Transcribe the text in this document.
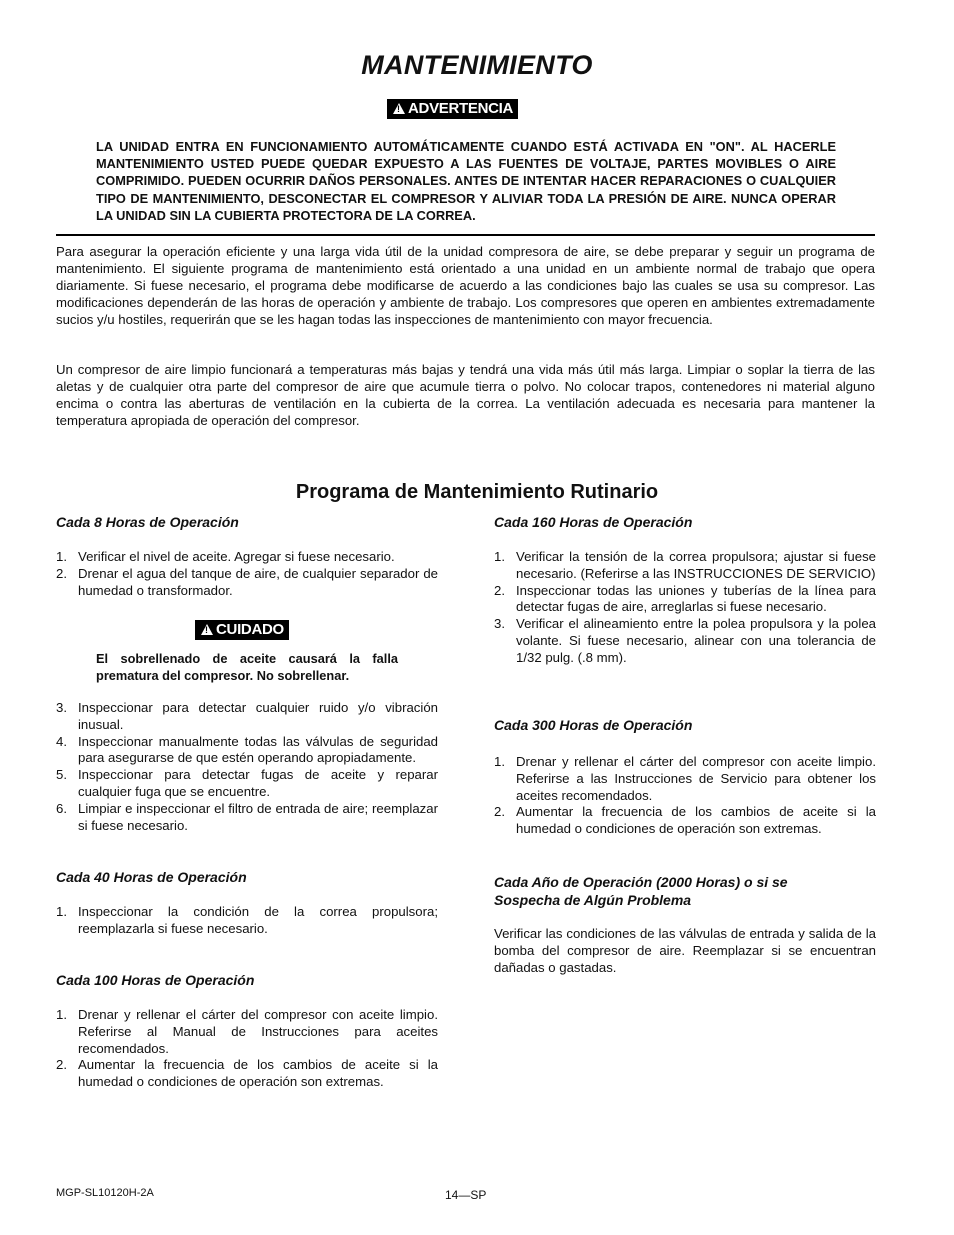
MANTENIMIENTO
!ADVERTENCIA
LA UNIDAD ENTRA EN FUNCIONAMIENTO AUTOMÁTICAMENTE CUANDO ESTÁ ACTIVADA EN "ON". AL HACERLE MANTENIMIENTO USTED PUEDE QUEDAR EXPUESTO A LAS FUENTES DE VOLTAJE, PARTES MOVIBLES O AIRE COMPRIMIDO. PUEDEN OCURRIR DAÑOS PERSONALES. ANTES DE INTENTAR HACER REPARACIONES O CUALQUIER TIPO DE MANTENIMIENTO, DESCONECTAR EL COMPRESOR Y ALIVIAR TODA LA PRESIÓN DE AIRE. NUNCA OPERAR LA UNIDAD SIN LA CUBIERTA PROTECTORA DE LA CORREA.
Para asegurar la operación eficiente y una larga vida útil de la unidad compresora de aire, se debe preparar y seguir un programa de mantenimiento. El siguiente programa de mantenimiento está orientado a una unidad en un ambiente normal de trabajo que opera diariamente. Si fuese necesario, el programa debe modificarse de acuerdo a las condiciones bajo las cuales se usa su compresor. Las modificaciones dependerán de las horas de operación y ambiente de trabajo. Los compresores que operen en ambientes extremadamente sucios y/u hostiles, requerirán que se les hagan todas las inspecciones de mantenimiento con mayor frecuencia.
Un compresor de aire limpio funcionará a temperaturas más bajas y tendrá una vida más útil más larga. Limpiar o soplar la tierra de las aletas y de cualquier otra parte del compresor de aire que acumule tierra o polvo. No colocar trapos, contenedores ni material alguno encima o contra las aberturas de ventilación en la cubierta de la correa. La ventilación adecuada es necesaria para mantener la temperatura apropiada de operación del compresor.
Programa de Mantenimiento Rutinario
Cada 8 Horas de Operación
1. Verificar el nivel de aceite. Agregar si fuese necesario.
2. Drenar el agua del tanque de aire, de cualquier separador de humedad o transformador.
!CUIDADO
El sobrellenado de aceite causará la falla prematura del compresor. No sobrellenar.
3. Inspeccionar para detectar cualquier ruido y/o vibración inusual.
4. Inspeccionar manualmente todas las válvulas de seguridad para asegurarse de que estén operando apropiadamente.
5. Inspeccionar para detectar fugas de aceite y reparar cualquier fuga que se encuentre.
6. Limpiar e inspeccionar el filtro de entrada de aire; reemplazar si fuese necesario.
Cada 40 Horas de Operación
1. Inspeccionar la condición de la correa propulsora; reemplazarla si fuese necesario.
Cada 100 Horas de Operación
1. Drenar y rellenar el cárter del compresor con aceite limpio. Referirse al Manual de Instrucciones para aceites recomendados.
2. Aumentar la frecuencia de los cambios de aceite si la humedad o condiciones de operación son extremas.
Cada 160 Horas de Operación
1. Verificar la tensión de la correa propulsora; ajustar si fuese necesario. (Referirse a las INSTRUCCIONES DE SERVICIO)
2. Inspeccionar todas las uniones y tuberías de la línea para detectar fugas de aire, arreglarlas si fuese necesario.
3. Verificar el alineamiento entre la polea propulsora y la polea volante. Si fuese necesario, alinear con una tolerancia de 1/32 pulg. (.8 mm).
Cada 300 Horas de Operación
1. Drenar y rellenar el cárter del compresor con aceite limpio. Referirse a las Instrucciones de Servicio para obtener los aceites recomendados.
2. Aumentar la frecuencia de los cambios de aceite si la humedad o condiciones de operación son extremas.
Cada Año de Operación (2000 Horas) o si se
Sospecha de Algún Problema
Verificar las condiciones de las válvulas de entrada y salida de la bomba del compresor de aire. Reemplazar si se encuentran dañadas o gastadas.
MGP-SL10120H-2A	14—SP
